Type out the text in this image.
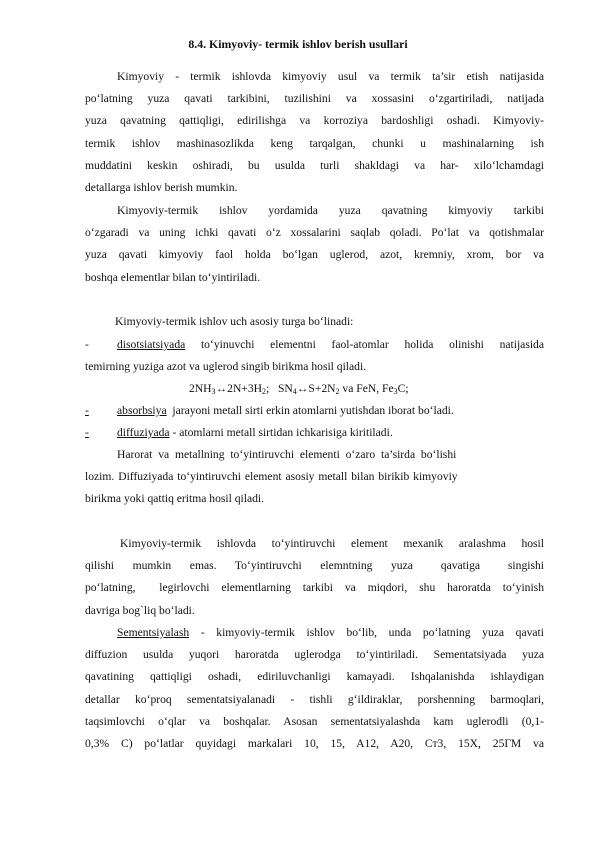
8.4. Kimyoviy- termik ishlov berish usullari
Kimyoviy - termik ishlovda kimyoviy usul va termik ta’sir etish natijasida
po‘latning yuza qavati tarkibini, tuzilishini va xossasini o‘zgartiriladi, natijada
yuza qavatning qattiqligi, edirilishga va korroziya bardoshligi oshadi. Kimyoviy-
termik ishlov mashinasozlikda keng tarqalgan, chunki u mashinalarning ish
muddatini keskin oshiradi, bu usulda turli shakldagi va har- xilo‘lchamdagi
detallarga ishlov berish mumkin.
Kimyoviy-termik ishlov yordamida yuza qavatning kimyoviy tarkibi
o‘zgaradi va uning ichki qavati o‘z xossalarini saqlab qoladi. Po‘lat va qotishmalar
yuza qavati kimyoviy faol holda bo‘lgan uglerod, azot, kremniy, xrom, bor va
boshqa elementlar bilan to‘yintiriladi.
Kimyoviy-termik ishlov uch asosiy turga bo‘linadi:
-	disotsiatsiyada to‘yinuvchi elementni faol-atomlar holida olinishi natijasida
temirning yuziga azot va uglerod singib birikma hosil qiladi.
$2NH_3\leftrightarrow 2N+3H_2$;   $SN_4\leftrightarrow S+2N_2$ va FeN, $Fe_3C$;
- absorbsiya  jarayoni metall sirti erkin atomlarni yutishdan iborat bo‘ladi.
- diffuziyada - atomlarni metall sirtidan ichkarisiga kiritiladi.
Harorat  va  metallning  to‘yintiruvchi  elementi  o‘zaro  ta’sirda  bo‘lishi
lozim. Diffuziyada to‘yintiruvchi element asosiy metall bilan birikib kimyoviy
birikma yoki qattiq eritma hosil qiladi.
Kimyoviy-termik ishlovda to‘yintiruvchi element mexanik aralashma hosil
qilishi  mumkin  emas.  To‘yintiruvchi  elemntning  yuza   qavatiga   singishi
po‘latning,  legirlovchi elementlarning tarkibi va miqdori, shu haroratda to‘yinish
davriga bog`liq bo‘ladi.
Sementsiyalash - kimyoviy-termik ishlov bo‘lib, unda po‘latning yuza qavati
diffuzion usulda yuqori haroratda uglerodga to‘yintiriladi. Sementatsiyada yuza
qavatining qattiqligi oshadi, ediriluvchanligi kamayadi. Ishqalanishda ishlaydigan
detallar ko‘proq sementatsiyalanadi - tishli g‘ildiraklar, porshenning barmoqlari,
taqsimlovchi o‘qlar va boshqalar. Asosan sementatsiyalashda kam uglerodli (0,1-
0,3% C) po‘latlar quyidagi markalari 10, 15, A12, A20, Ст3, 15Х, 25ГМ va
